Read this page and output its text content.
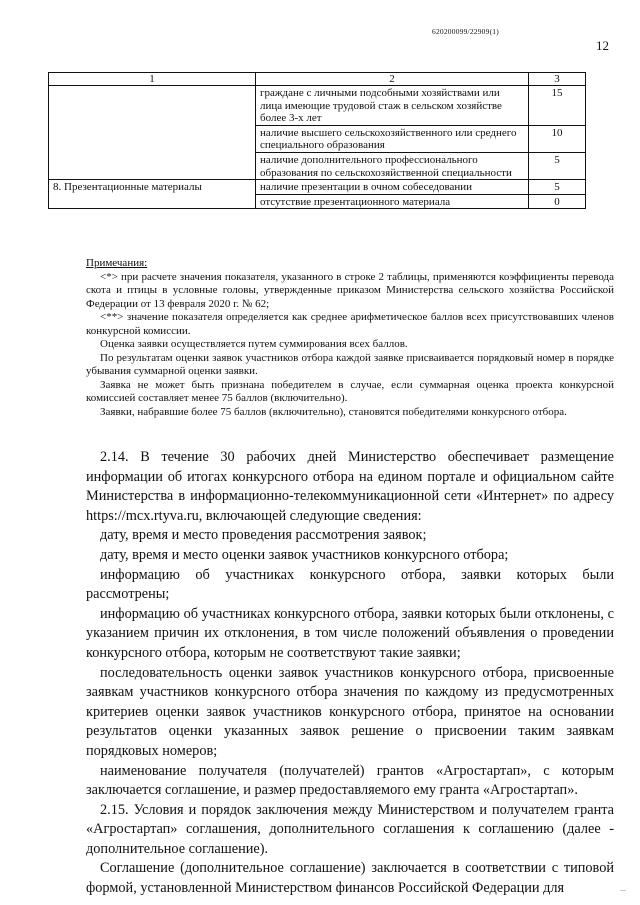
620200099/22909(1)
12
1	2	3
	граждане с личными подсобными хозяйствами или лица имеющие трудовой стаж в сельском хозяйстве более 3-х лет	15
	наличие высшего сельскохозяйственного или среднего специального образования	10
	наличие дополнительного профессионального образования по сельскохозяйственной специальности	5
8. Презентационные материалы	наличие презентации в очном собеседовании	5
	отсутствие презентационного материала	0

Примечания:

<*> при расчете значения показателя, указанного в строке 2 таблицы, применяются коэффициенты перевода скота и птицы в условные головы, утвержденные приказом Министерства сельского хозяйства Российской Федерации от 13 февраля 2020 г. № 62;

<**> значение показателя определяется как среднее арифметическое баллов всех присутствовавших членов конкурсной комиссии.

Оценка заявки осуществляется путем суммирования всех баллов.

По результатам оценки заявок участников отбора каждой заявке присваивается порядковый номер в порядке убывания суммарной оценки заявки.

Заявка не может быть признана победителем в случае, если суммарная оценка проекта конкурсной комиссией составляет менее 75 баллов (включительно).

Заявки, набравшие более 75 баллов (включительно), становятся победителями конкурсного отбора.

2.14. В течение 30 рабочих дней Министерство обеспечивает размещение информации об итогах конкурсного отбора на едином портале и официальном сайте Министерства в информационно-телекоммуникационной сети «Интернет» по адресу https://mcx.rtyva.ru, включающей следующие сведения:

дату, время и место проведения рассмотрения заявок;

дату, время и место оценки заявок участников конкурсного отбора;

информацию об участниках конкурсного отбора, заявки которых были рассмотрены;

информацию об участниках конкурсного отбора, заявки которых были отклонены, с указанием причин их отклонения, в том числе положений объявления о проведении конкурсного отбора, которым не соответствуют такие заявки;

последовательность оценки заявок участников конкурсного отбора, присвоенные заявкам участников конкурсного отбора значения по каждому из предусмотренных критериев оценки заявок участников конкурсного отбора, принятое на основании результатов оценки указанных заявок решение о присвоении таким заявкам порядковых номеров;

наименование получателя (получателей) грантов «Агростартап», с которым заключается соглашение, и размер предоставляемого ему гранта «Агростартап».

2.15. Условия и порядок заключения между Министерством и получателем гранта «Агростартап» соглашения, дополнительного соглашения к соглашению (далее - дополнительное соглашение).

Соглашение (дополнительное соглашение) заключается в соответствии с типовой формой, установленной Министерством финансов Российской Федерации для	...
